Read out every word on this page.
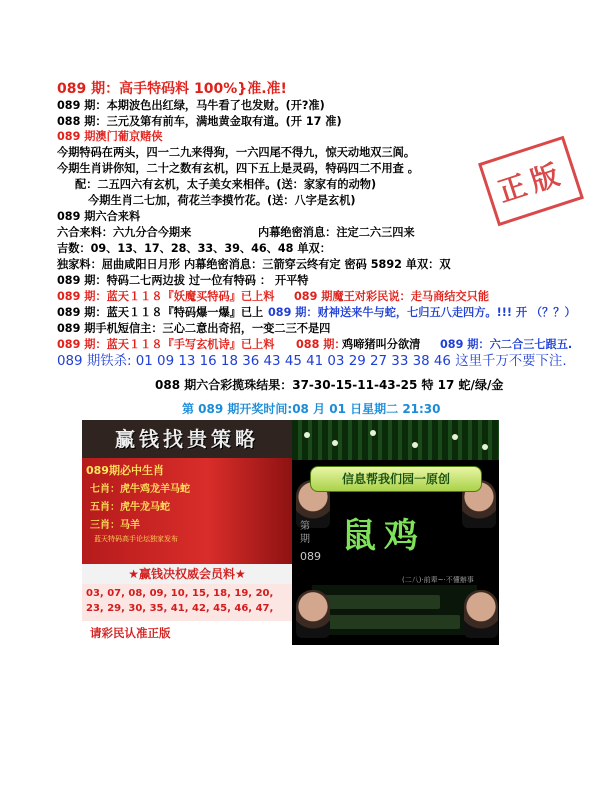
089 期：高手特码料 100%}准.准!
089 期：本期波色出红绿，马牛看了也发财。(开?准)
088 期：三元及第有前车，满地黄金取有道。(开 17 准)
089 期澳门葡京赌侠
今期特码在两头，四一二九来得狗，一六四尾不得九，惊天动地双三阆。
今期生肖讲你知，二十之数有玄机，四下五上是灵码，特码四二不用查 。
配：二五四六有玄机，太子美女来相伴。(送：家家有的动物)
今期生肖二七加，荷花兰李摸竹花。(送：八字是玄机)
089 期六合来料
六合来料：六九分合今期来	内幕绝密消息：注定二六三四来
吉数：09、13、17、28、33、39、46、48 单双：
独家料：屈曲咸阳日月形 内幕绝密消息：三箭穿云终有定 密码 5892 单双：双
089 期：特码二七两边拔 过一位有特码 ： 开平特
089 期：蓝天１１８『妖魔买特码』已上料 089 期魔王对彩民说：走马商结交只能
089 期：蓝天１１８『特码爆一爆』已上 089 期：财神送来牛与蛇，七归五八走四方。!!! 开 （？？）
089 期手机短信主：三心二意出奇招，一变二三不是四
089 期：蓝天１１８『手写玄机诗』已上料 088 期：
鸡啼猪叫分欲清 089 期：六二合三七跟五.
正版
089 期铁杀: 01 09 13 16 18 36 43 45 41 03 29 27 33 38 46 这里千万不要下注.
088 期六合彩揽珠结果：37-30-15-11-43-25 特 17 蛇/绿/金
第 089 期开奖时间:08 月 01 日星期二 21:30
赢钱找贵策略
089期必中生肖
七肖：虎牛鸡龙羊马蛇
五肖：虎牛龙马蛇
三肖：马羊
蓝天特码高手论坛独家发布
★赢钱决权威会员料★
03, 07, 08, 09, 10, 15, 18, 19, 20,
23, 29, 30, 35, 41, 42, 45, 46, 47,
请彩民认准正版
信息帮我们园一原创
鼠鸡
第期
089
(二八)·前辈~·不懂辦事
